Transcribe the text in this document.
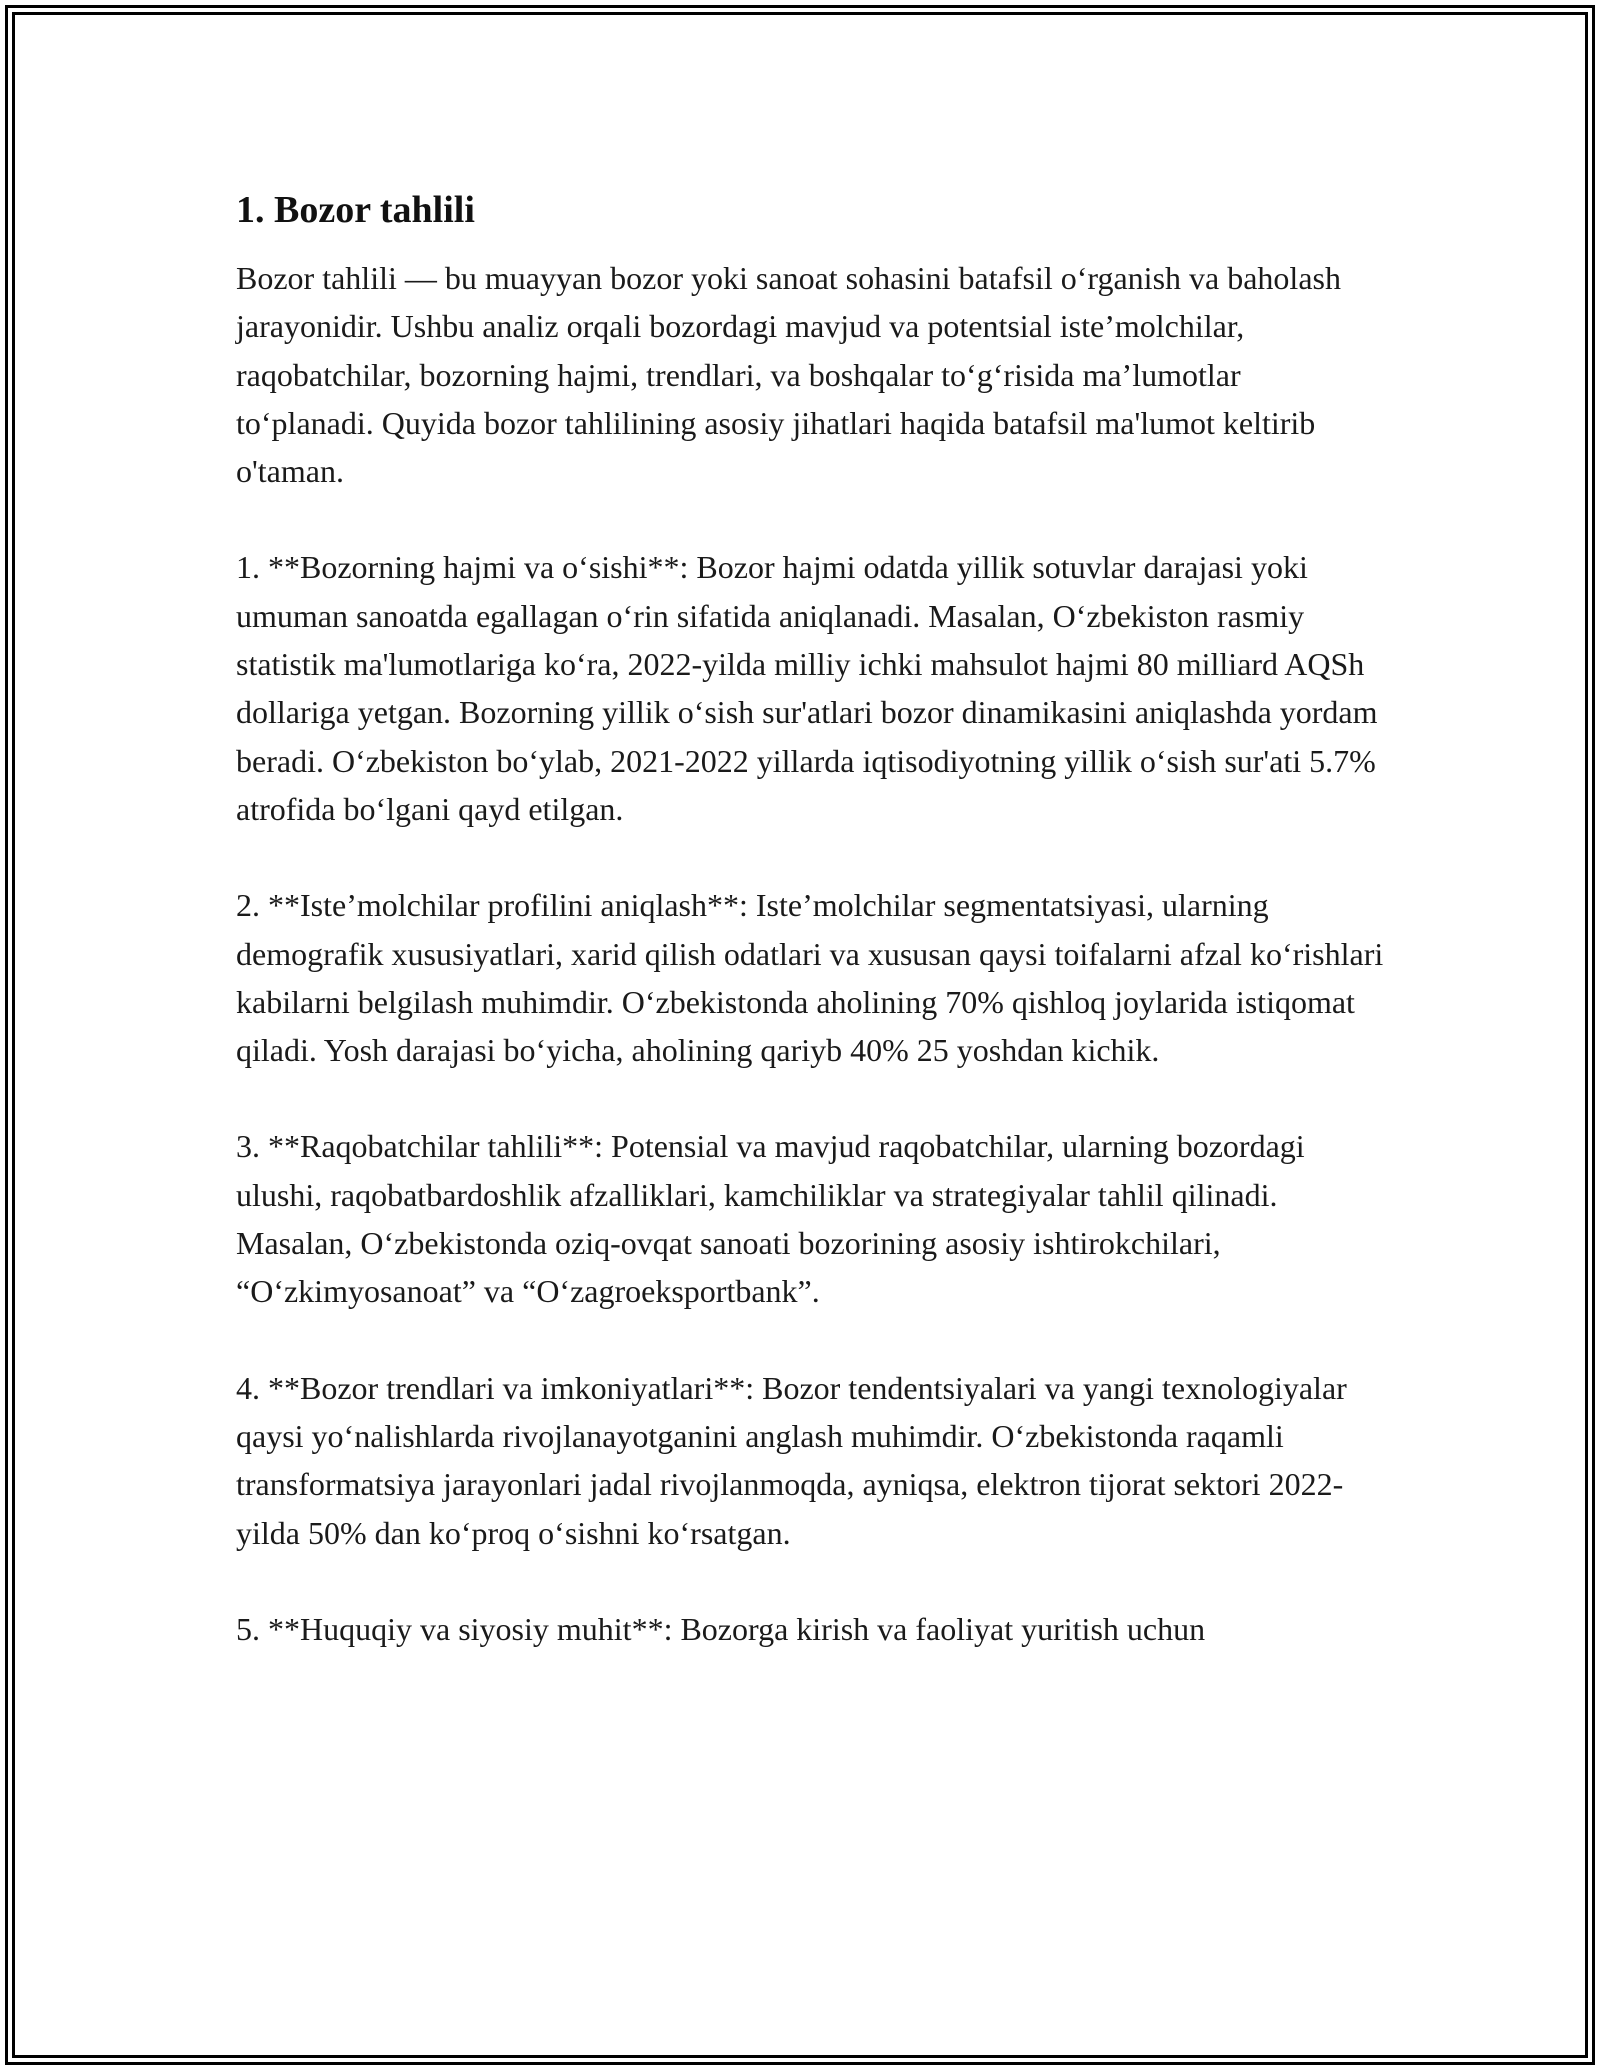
1. Bozor tahlili

Bozor tahlili — bu muayyan bozor yoki sanoat sohasini batafsil o‘rganish va baholash jarayonidir. Ushbu analiz orqali bozordagi mavjud va potentsial iste’molchilar, raqobatchilar, bozorning hajmi, trendlari, va boshqalar to‘g‘risida ma’lumotlar to‘planadi. Quyida bozor tahlilining asosiy jihatlari haqida batafsil ma'lumot keltirib o'taman.

1. **Bozorning hajmi va o‘sishi**: Bozor hajmi odatda yillik sotuvlar darajasi yoki umuman sanoatda egallagan o‘rin sifatida aniqlanadi. Masalan, O‘zbekiston rasmiy statistik ma'lumotlariga ko‘ra, 2022-yilda milliy ichki mahsulot hajmi 80 milliard AQSh dollariga yetgan. Bozorning yillik o‘sish sur'atlari bozor dinamikasini aniqlashda yordam beradi. O‘zbekiston bo‘ylab, 2021-2022 yillarda iqtisodiyotning yillik o‘sish sur'ati 5.7% atrofida bo‘lgani qayd etilgan.

2. **Iste’molchilar profilini aniqlash**: Iste’molchilar segmentatsiyasi, ularning demografik xususiyatlari, xarid qilish odatlari va xususan qaysi toifalarni afzal ko‘rishlari kabilarni belgilash muhimdir. O‘zbekistonda aholining 70% qishloq joylarida istiqomat qiladi. Yosh darajasi bo‘yicha, aholining qariyb 40% 25 yoshdan kichik.

3. **Raqobatchilar tahlili**: Potensial va mavjud raqobatchilar, ularning bozordagi ulushi, raqobatbardoshlik afzalliklari, kamchiliklar va strategiyalar tahlil qilinadi. Masalan, O‘zbekistonda oziq-ovqat sanoati bozorining asosiy ishtirokchilari, “O‘zkimyosanoat” va “O‘zagroeksportbank”.

4. **Bozor trendlari va imkoniyatlari**: Bozor tendentsiyalari va yangi texnologiyalar qaysi yo‘nalishlarda rivojlanayotganini anglash muhimdir. O‘zbekistonda raqamli transformatsiya jarayonlari jadal rivojlanmoqda, ayniqsa, elektron tijorat sektori 2022-yilda 50% dan ko‘proq o‘sishni ko‘rsatgan.

5. **Huquqiy va siyosiy muhit**: Bozorga kirish va faoliyat yuritish uchun
